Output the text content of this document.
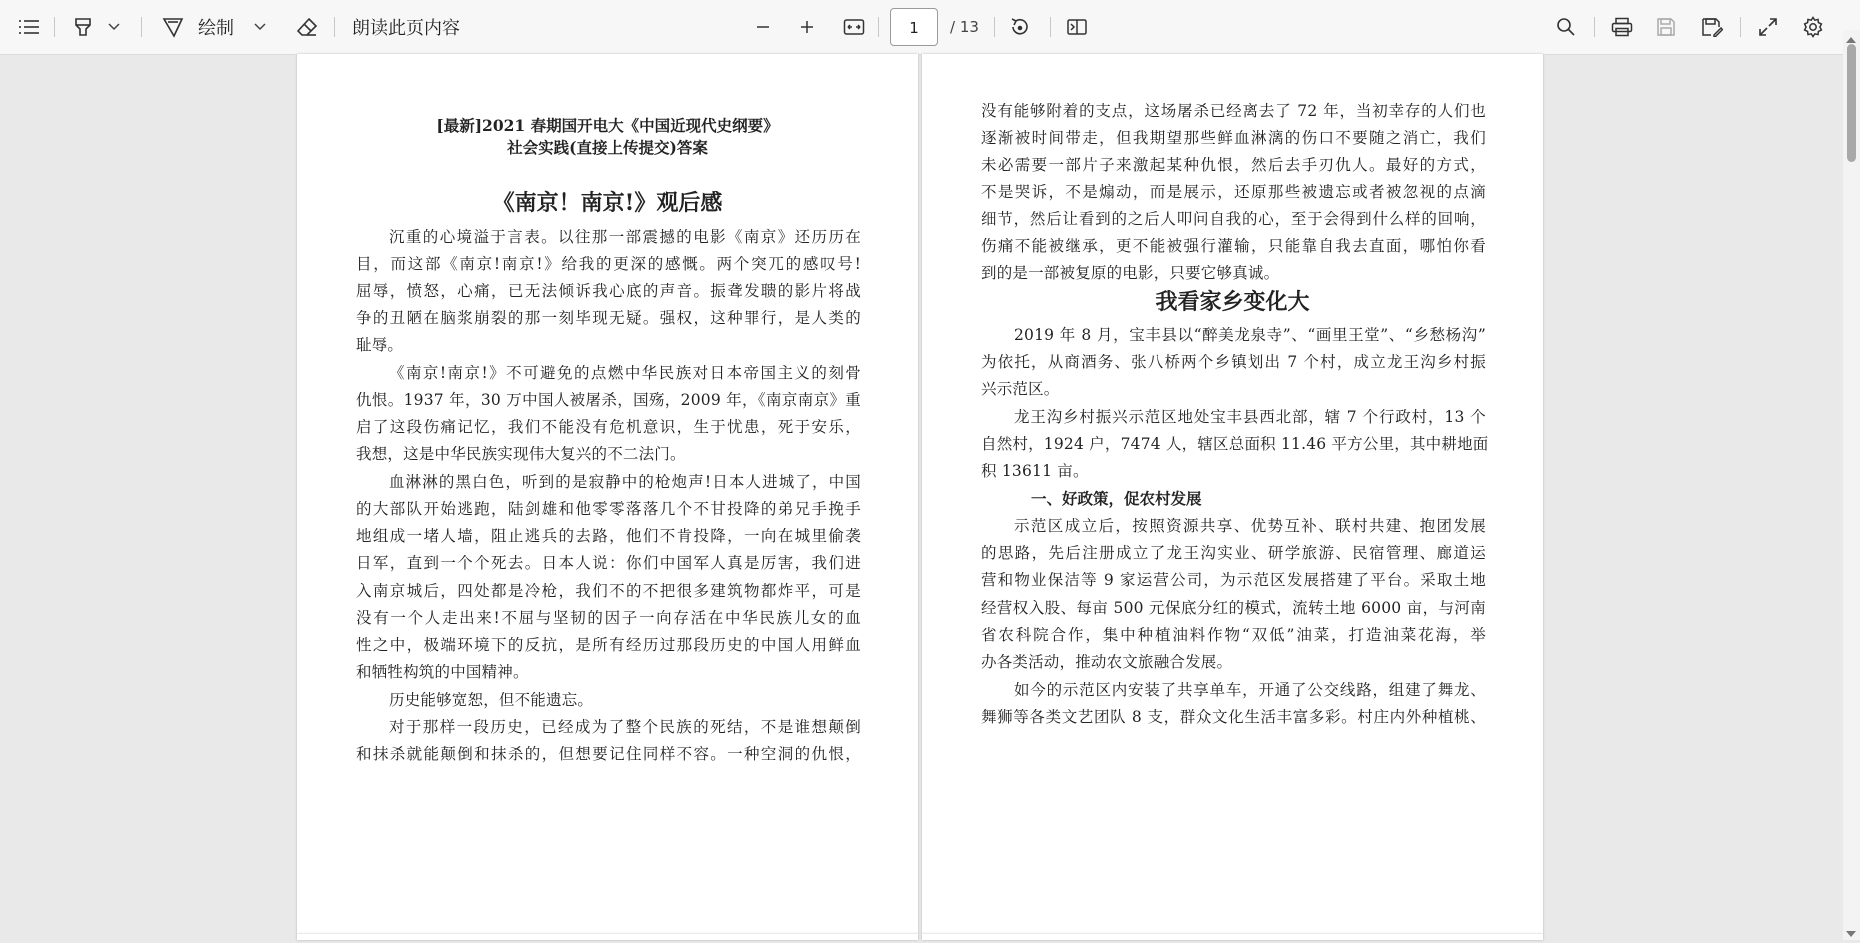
绘制	朗读此页内容	1	/ 13
[最新]2021 春期国开电大《中国近现代史纲要》
社会实践(直接上传提交)答案
《南京！南京!》观后感
沉重的心境溢于言表。以往那一部震撼的电影《南京》还历历在
目，而这部《南京!南京!》给我的更深的感慨。两个突兀的感叹号!
屈辱，愤怒，心痛，已无法倾诉我心底的声音。振聋发聩的影片将战
争的丑陋在脑浆崩裂的那一刻毕现无疑。强权，这种罪行，是人类的
耻辱。
《南京!南京!》不可避免的点燃中华民族对日本帝国主义的刻骨
仇恨。1937 年，30 万中国人被屠杀，国殇，2009 年，《南京南京》重
启了这段伤痛记忆，我们不能没有危机意识，生于忧患，死于安乐，
我想，这是中华民族实现伟大复兴的不二法门。
血淋淋的黑白色，听到的是寂静中的枪炮声!日本人进城了，中国
的大部队开始逃跑，陆剑雄和他零零落落几个不甘投降的弟兄手挽手
地组成一堵人墙，阻止逃兵的去路，他们不肯投降，一向在城里偷袭
日军，直到一个个死去。日本人说：你们中国军人真是厉害，我们进
入南京城后，四处都是冷枪，我们不的不把很多建筑物都炸平，可是
没有一个人走出来!不屈与坚韧的因子一向存活在中华民族儿女的血
性之中，极端环境下的反抗，是所有经历过那段历史的中国人用鲜血
和牺牲构筑的中国精神。
历史能够宽恕，但不能遗忘。
对于那样一段历史，已经成为了整个民族的死结，不是谁想颠倒
和抹杀就能颠倒和抹杀的，但想要记住同样不容。一种空洞的仇恨，
没有能够附着的支点，这场屠杀已经离去了 72 年，当初幸存的人们也
逐渐被时间带走，但我期望那些鲜血淋漓的伤口不要随之消亡，我们
未必需要一部片子来激起某种仇恨，然后去手刃仇人。最好的方式，
不是哭诉，不是煽动，而是展示，还原那些被遗忘或者被忽视的点滴
细节，然后让看到的之后人叩问自我的心，至于会得到什么样的回响，
伤痛不能被继承，更不能被强行灌输，只能靠自我去直面，哪怕你看
到的是一部被复原的电影，只要它够真诚。
我看家乡变化大
2019 年 8 月，宝丰县以“醉美龙泉寺”、“画里王堂”、“乡愁杨沟”
为依托，从商酒务、张八桥两个乡镇划出 7 个村，成立龙王沟乡村振
兴示范区。
龙王沟乡村振兴示范区地处宝丰县西北部，辖 7 个行政村，13 个
自然村，1924 户，7474 人，辖区总面积 11.46 平方公里，其中耕地面
积 13611 亩。
一、好政策，促农村发展
示范区成立后，按照资源共享、优势互补、联村共建、抱团发展
的思路，先后注册成立了龙王沟实业、研学旅游、民宿管理、廊道运
营和物业保洁等 9 家运营公司，为示范区发展搭建了平台。采取土地
经营权入股、每亩 500 元保底分红的模式，流转土地 6000 亩，与河南
省农科院合作，集中种植油料作物“双低”油菜，打造油菜花海，举
办各类活动，推动农文旅融合发展。
如今的示范区内安装了共享单车，开通了公交线路，组建了舞龙、
舞狮等各类文艺团队 8 支，群众文化生活丰富多彩。村庄内外种植桃、
